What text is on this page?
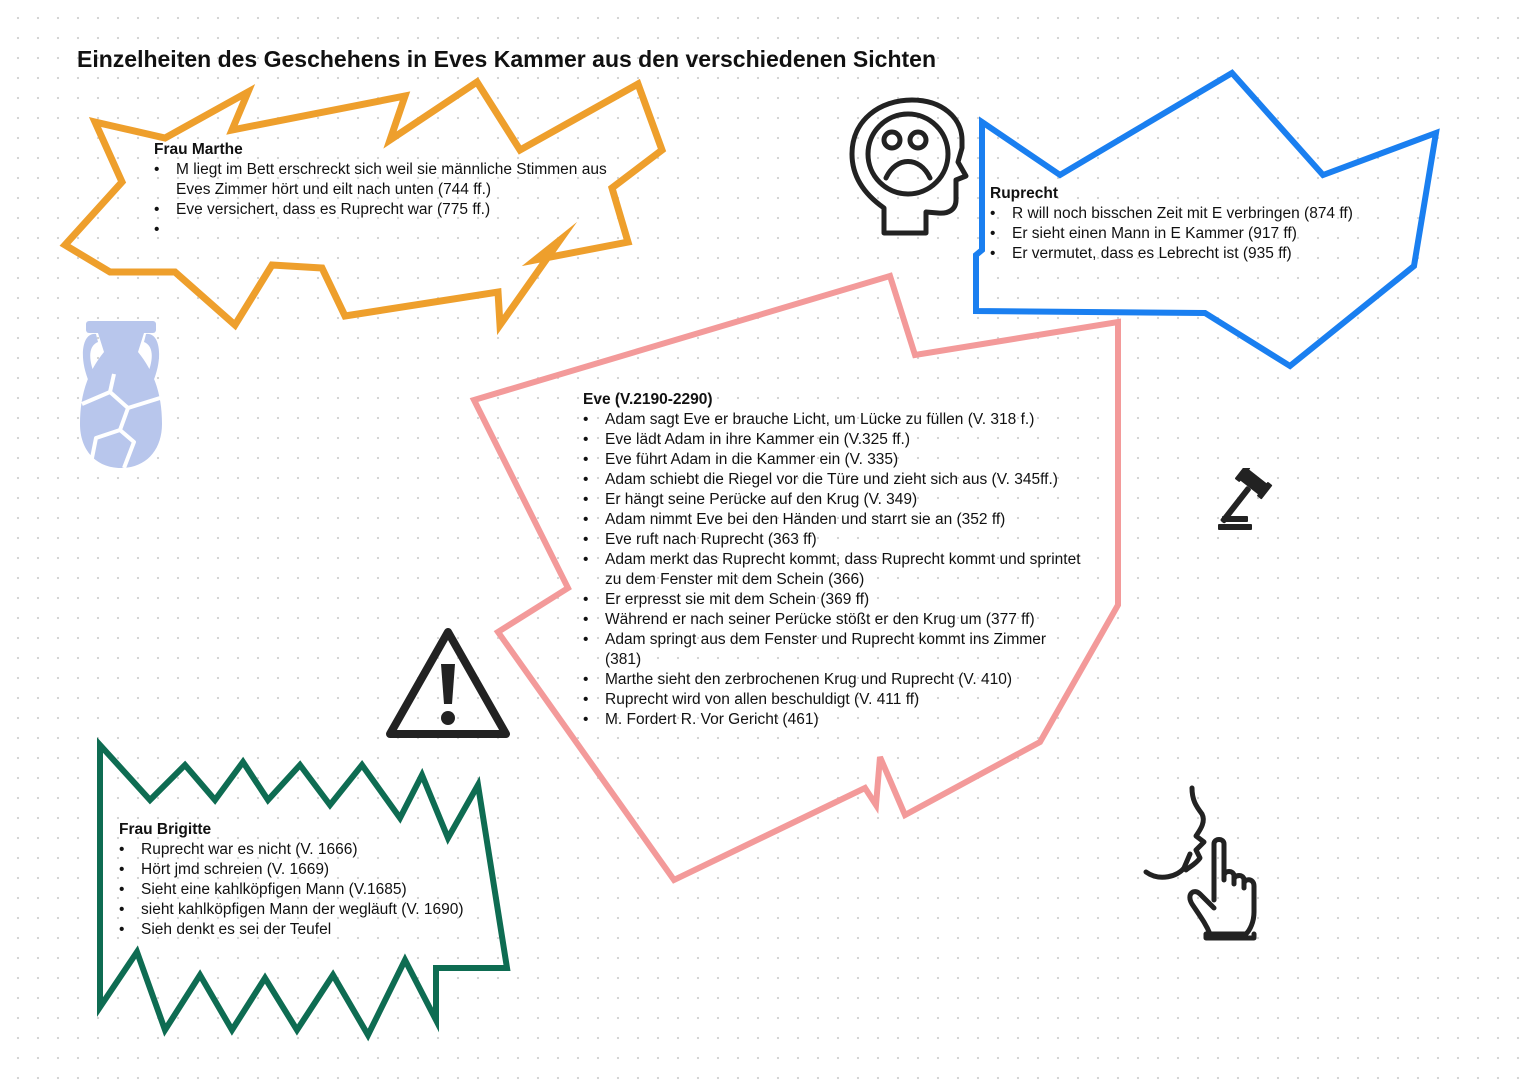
Einzelheiten des Geschehens in Eves Kammer aus den verschiedenen Sichten
Frau Marthe
• M liegt im Bett erschreckt sich weil sie männliche Stimmen aus Eves Zimmer hört und eilt nach unten (744 ff.)
• Eve versichert, dass es Ruprecht war (775 ff.)
•
Ruprecht
• R will noch bisschen Zeit mit E verbringen (874 ff)
• Er sieht einen Mann in E Kammer (917 ff)
• Er vermutet, dass es Lebrecht ist (935 ff)
Eve (V.2190-2290)
• Adam sagt Eve er brauche Licht, um Lücke zu füllen (V. 318 f.)
• Eve lädt Adam in ihre Kammer ein (V.325 ff.)
• Eve führt Adam in die Kammer ein (V. 335)
• Adam schiebt die Riegel vor die Türe und zieht sich aus (V. 345ff.)
• Er hängt seine Perücke auf den Krug (V. 349)
• Adam nimmt Eve bei den Händen und starrt sie an (352 ff)
• Eve ruft nach Ruprecht (363 ff)
• Adam merkt das Ruprecht kommt, dass Ruprecht kommt und sprintet zu dem Fenster mit dem Schein (366)
• Er erpresst sie mit dem Schein (369 ff)
• Während er nach seiner Perücke stößt er den Krug um (377 ff)
• Adam springt aus dem Fenster und Ruprecht kommt ins Zimmer (381)
• Marthe sieht den zerbrochenen Krug und Ruprecht (V. 410)
• Ruprecht wird von allen beschuldigt (V. 411 ff)
• M. Fordert R. Vor Gericht (461)
Frau Brigitte
• Ruprecht war es nicht (V. 1666)
• Hört jmd schreien (V. 1669)
• Sieht eine kahlköpfigen Mann (V.1685)
• sieht kahlköpfigen Mann der wegläuft (V. 1690)
• Sieh denkt es sei der Teufel
